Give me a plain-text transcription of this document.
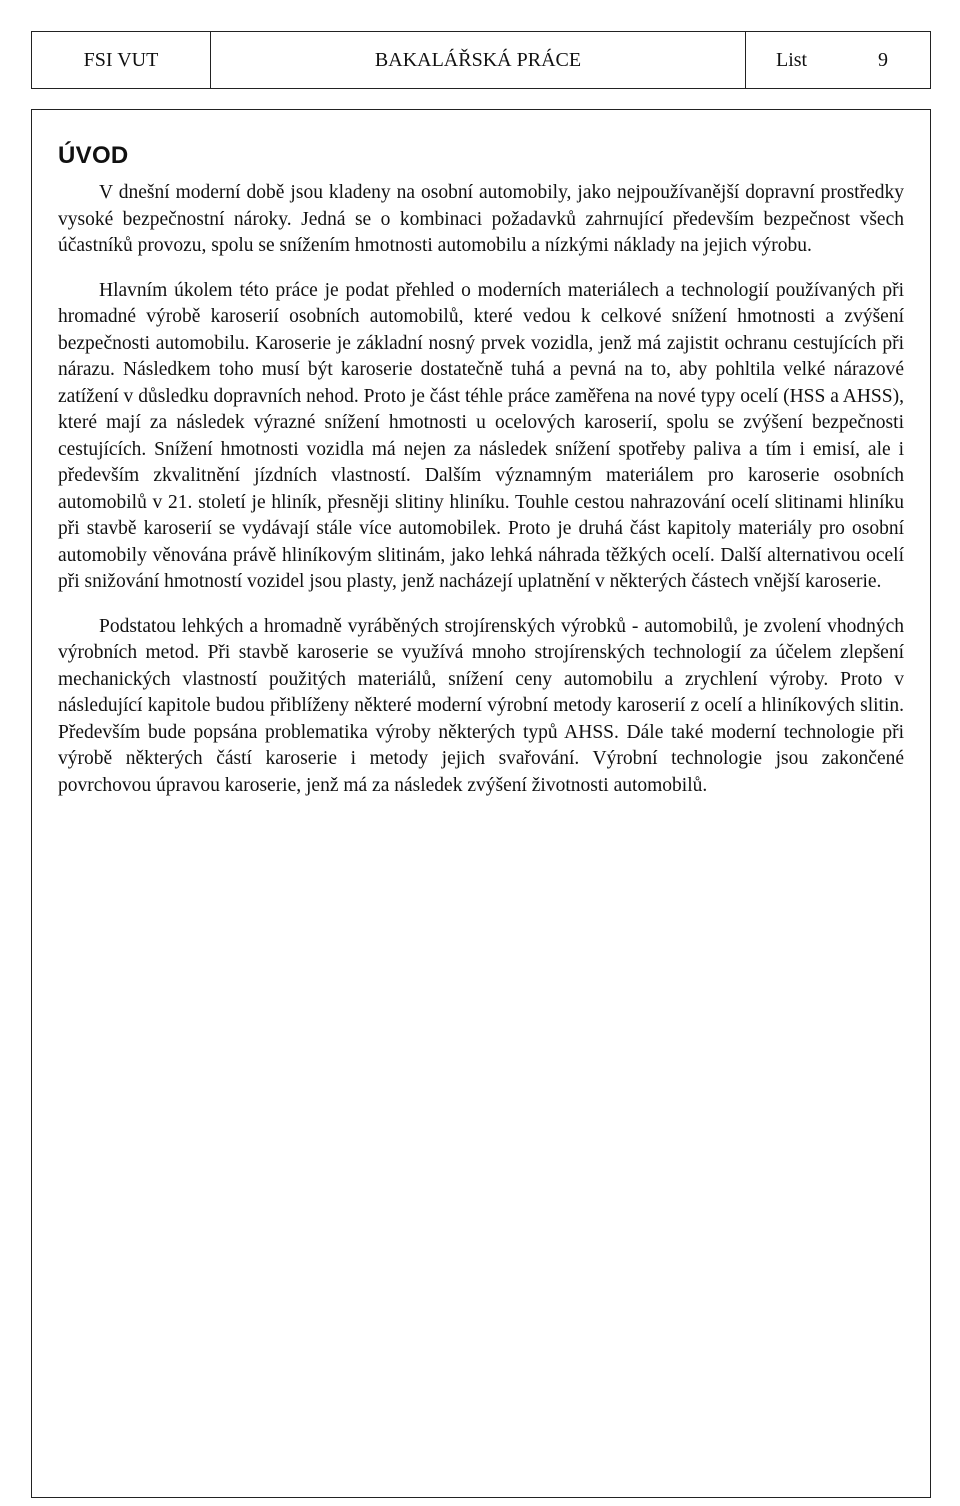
FSI VUT	BAKALÁŘSKÁ PRÁCE	List	9
ÚVOD

V dnešní moderní době jsou kladeny na osobní automobily, jako nejpoužívanější dopravní prostředky vysoké bezpečnostní nároky. Jedná se o kombinaci požadavků zahrnující především bezpečnost všech účastníků provozu, spolu se snížením hmotnosti automobilu a nízkými náklady na jejich výrobu.

Hlavním úkolem této práce je podat přehled o moderních materiálech a technologií používaných při hromadné výrobě karoserií osobních automobilů, které vedou k celkové snížení hmotnosti a zvýšení bezpečnosti automobilu. Karoserie je základní nosný prvek vozidla, jenž má zajistit ochranu cestujících při nárazu. Následkem toho musí být karoserie dostatečně tuhá a pevná na to, aby pohltila velké nárazové zatížení v důsledku dopravních nehod. Proto je část téhle práce zaměřena na nové typy ocelí (HSS a AHSS), které mají za následek výrazné snížení hmotnosti u ocelových karoserií, spolu se zvýšení bezpečnosti cestujících. Snížení hmotnosti vozidla má nejen za následek snížení spotřeby paliva a tím i emisí, ale i především zkvalitnění jízdních vlastností. Dalším významným materiálem pro karoserie osobních automobilů v 21. století je hliník, přesněji slitiny hliníku. Touhle cestou nahrazování ocelí slitinami hliníku při stavbě karoserií se vydávají stále více automobilek. Proto je druhá část kapitoly materiály pro osobní automobily věnována právě hliníkovým slitinám, jako lehká náhrada těžkých ocelí. Další alternativou ocelí při snižování hmotností vozidel jsou plasty, jenž nacházejí uplatnění v některých částech vnější karoserie.

Podstatou lehkých a hromadně vyráběných strojírenských výrobků - automobilů, je zvolení vhodných výrobních metod. Při stavbě karoserie se využívá mnoho strojírenských technologií za účelem zlepšení mechanických vlastností použitých materiálů, snížení ceny automobilu a zrychlení výroby. Proto v následující kapitole budou přiblíženy některé moderní výrobní metody karoserií z ocelí a hliníkových slitin. Především bude popsána problematika výroby některých typů AHSS. Dále také moderní technologie při výrobě některých částí karoserie i metody jejich svařování. Výrobní technologie jsou zakončené povrchovou úpravou karoserie, jenž má za následek zvýšení životnosti automobilů.
